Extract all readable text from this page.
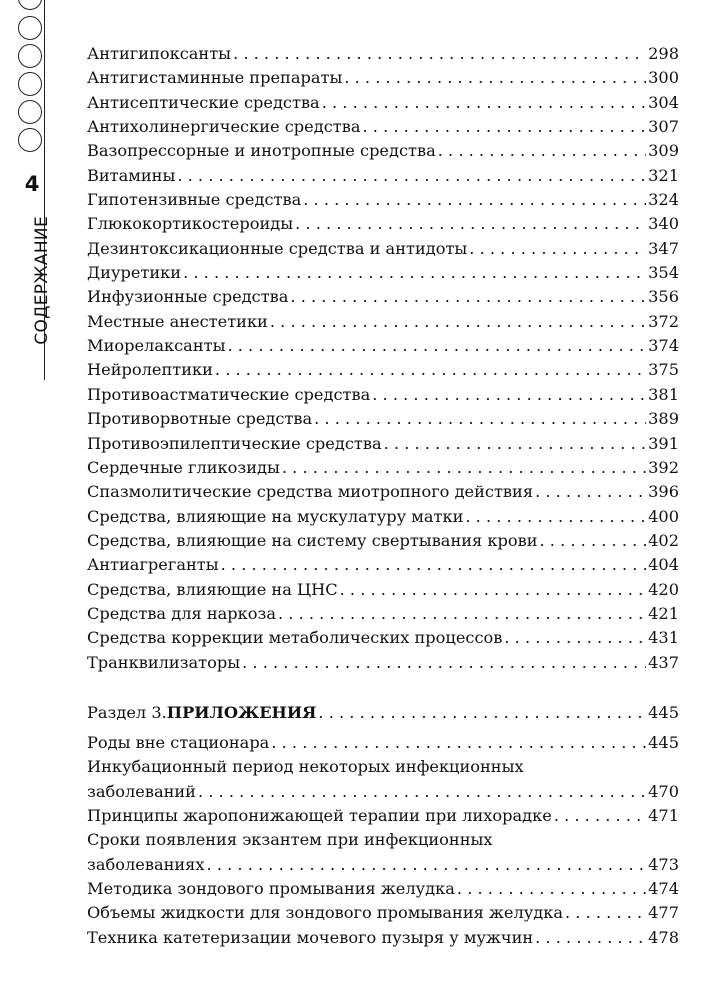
4
СОДЕРЖАНИЕ
Антигипоксанты . . .	298
Антигистаминные препараты . . .	300
Антисептические средства . . .	304
Антихолинергические средства . . .	307
Вазопрессорные и инотропные средства . . .	309
Витамины . . .	321
Гипотензивные средства . . .	324
Глюкокортикостероиды . . .	340
Дезинтоксикационные средства и антидоты . . .	347
Диуретики . . .	354
Инфузионные средства . . .	356
Местные анестетики . . .	372
Миорелаксанты . . .	374
Нейролептики . . .	375
Противоастматические средства . . .	381
Противорвотные средства . . .	389
Противоэпилептические средства . . .	391
Сердечные гликозиды . . .	392
Спазмолитические средства миотропного действия . . .	396
Средства, влияющие на мускулатуру матки . . .	400
Средства, влияющие на систему свертывания крови . . .	402
Антиагреганты . . .	404
Средства, влияющие на ЦНС . . .	420
Средства для наркоза . . .	421
Средства коррекции метаболических процессов . . .	431
Транквилизаторы . . .	437
Раздел 3. ПРИЛОЖЕНИЯ . . .	445
Роды вне стационара . . .	445
Инкубационный период некоторых инфекционных
заболеваний . . .	470
Принципы жаропонижающей терапии при лихорадке . . .	471
Сроки появления экзантем при инфекционных
заболеваниях . . .	473
Методика зондового промывания желудка . . .	474
Объемы жидкости для зондового промывания желудка . . .	477
Техника катетеризации мочевого пузыря у мужчин . . .	478
